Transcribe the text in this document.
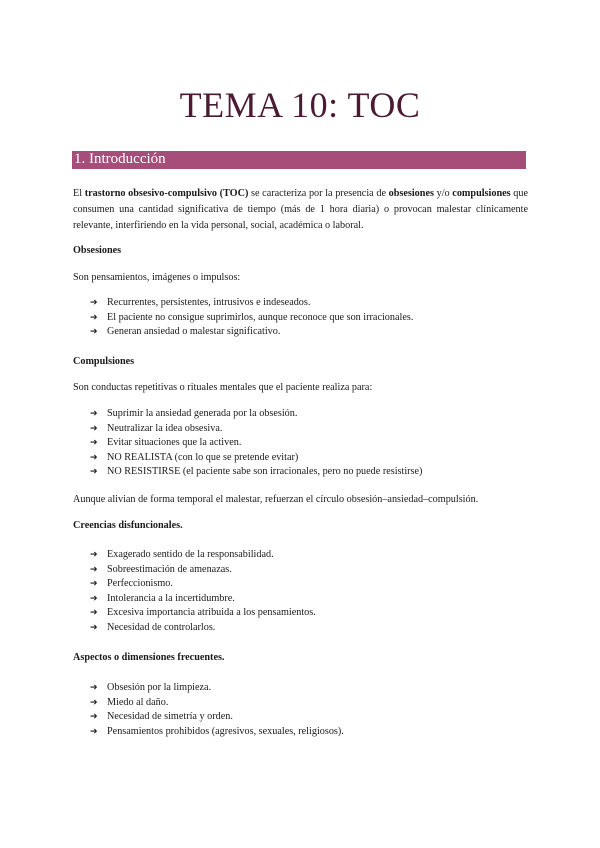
TEMA 10: TOC
1. Introducción
El trastorno obsesivo-compulsivo (TOC) se caracteriza por la presencia de obsesiones y/o compulsiones que consumen una cantidad significativa de tiempo (más de 1 hora diaria) o provocan malestar clínicamente relevante, interfiriendo en la vida personal, social, académica o laboral.
Obsesiones
Son pensamientos, imágenes o impulsos:
➔ Recurrentes, persistentes, intrusivos e indeseados.
➔ El paciente no consigue suprimirlos, aunque reconoce que son irracionales.
➔ Generan ansiedad o malestar significativo.
Compulsiones
Son conductas repetitivas o rituales mentales que el paciente realiza para:
➔ Suprimir la ansiedad generada por la obsesión.
➔ Neutralizar la idea obsesiva.
➔ Evitar situaciones que la activen.
➔ NO REALISTA (con lo que se pretende evitar)
➔ NO RESISTIRSE (el paciente sabe son irracionales, pero no puede resistirse)
Aunque alivian de forma temporal el malestar, refuerzan el círculo obsesión–ansiedad–compulsión.
Creencias disfuncionales.
➔ Exagerado sentido de la responsabilidad.
➔ Sobreestimación de amenazas.
➔ Perfeccionismo.
➔ Intolerancia a la incertidumbre.
➔ Excesiva importancia atribuida a los pensamientos.
➔ Necesidad de controlarlos.
Aspectos o dimensiones frecuentes.
➔ Obsesión por la limpieza.
➔ Miedo al daño.
➔ Necesidad de simetría y orden.
➔ Pensamientos prohibidos (agresivos, sexuales, religiosos).
